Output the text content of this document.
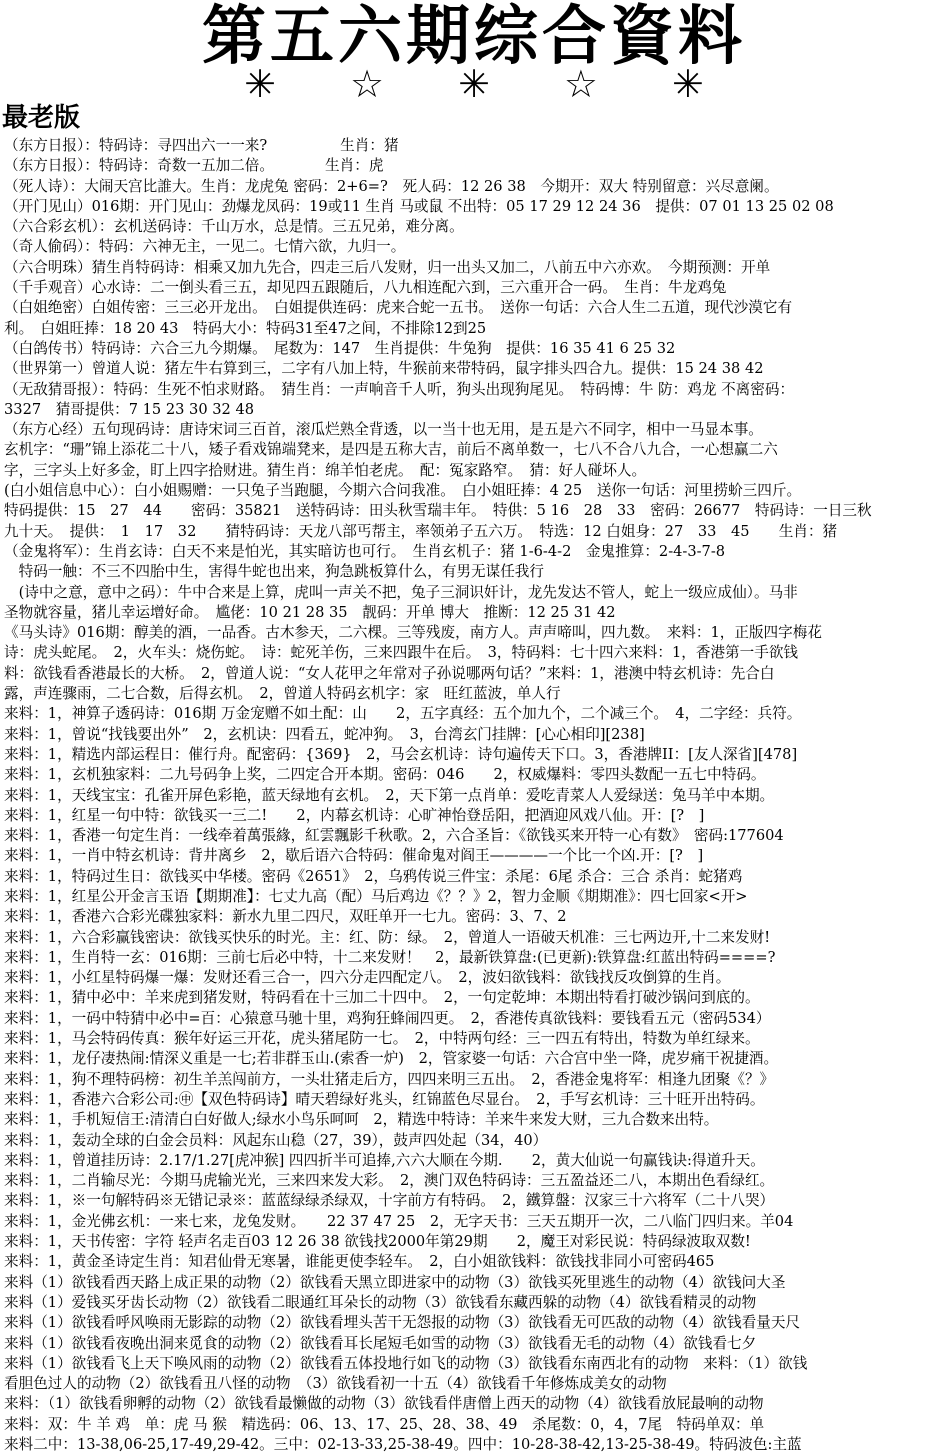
第五六期综合資料
✳ ☆ ✳ ☆ ✳
最老版
（东方日报）：特码诗：寻四出六一一来?　　　　　生肖：猪
（东方日报）：特码诗：奇数一五加二倍。　　　　生肖：虎
（死人诗）：大闹天宫比誰大。生肖：龙虎兔 密码：2+6=?　死人码：12 26 38　今期开：双大 特别留意：兴尽意阑。
（开门见山）016期：开门见山：劲爆龙凤码：19或11 生肖 马或鼠 不出特：05 17 29 12 24 36　提供：07 01 13 25 02 08
（六合彩玄机）：玄机送码诗：千山万水，总是情。三五兄弟，难分离。
（奇人偷码）：特码：六神无主，一见二。七情六欲，九归一。
（六合明珠）猜生肖特码诗：相乘又加九先合，四走三后八发财，归一出头又加二，八前五中六亦欢。　今期预测：开单
（千手观音）心水诗：二一倒头看三五，却见四五跟随后，八九相连配六到，三六重开合一码。　生肖：牛龙鸡兔
（白姐绝密）白姐传密：三三必开龙出。　白姐提供连码：虎来合蛇一五书。　送你一句话：六合人生二五道，现代沙漠它有
利。　白姐旺捧：18 20 43　特码大小：特码31至47之间，不排除12到25
（白鸽传书）特码诗：六合三九今期爆。　尾数为：147　生肖提供：牛兔狗　提供：16 35 41 6 25 32
（世界第一）曾道人说：猪左牛右算到三，二字有八加上特，牛猴前来带特码，鼠字排头四合九。提供：15 24 38 42
（无敌猜哥报）：特码：生死不怕求财路。　猜生肖：一声响音千人听，狗头出现狗尾见。　特码博：牛 防：鸡龙 不离密码：
3327　猜哥提供：7 15 23 30 32 48
（东方心经）五句现码诗：唐诗宋词三百首，滚瓜烂熟全背透，以一当十也无用，是五是六不同字，相中一马显本事。
玄机字：“珊”锦上添花二十八，矮子看戏锦端凳来，是四是五称大吉，前后不离单数一，七八不合八九合，一心想赢二六
字，三字头上好多金，盯上四字拾财进。猜生肖：绵羊怕老虎。　配：冤家路窄。　猜：好人碰坏人。
(白小姐信息中心）：白小姐赐赠：一只兔子当跑腿，今期六合问我准。　白小姐旺捧：4 25　送你一句话：河里捞蚧三四斤。
特码提供：15　27　44　　密码：35821　送特码诗：田头秋雪瑞丰年。　特供：5 16　28　33　密码：26677　特码诗：一日三秋
九十天。　提供：　1　17　32　　猜特码诗：天龙八部丐帮主，率领弟子五六万。　特选：12 白姐身：27　33　45　　生肖：猪
（金鬼将军）：生肖玄诗：白天不来是怕光，其实暗访也可行。　生肖玄机子：猪 1-6-4-2　金鬼推算：2-4-3-7-8
　特码一触：不三不四胎中生，害得牛蛇也出来，狗急跳板算什么，有男无谋任我行
　(诗中之意，意中之码）：牛中合来是上算，虎叫一声关不把，兔子三洞识奸计，龙先发达不管人，蛇上一级应成仙）。马非
圣物就容量，猪儿幸运增好命。　尴佬：10 21 28 35　靓码：开单 博大　推断：12 25 31 42
《马头诗》016期：醇美的酒，一品香。古木参天，二六棵。三等残废，南方人。声声啼叫，四九数。　来料：1，正版四字梅花
诗：虎头蛇尾。　2，火车头：烧伤蛇。　诗：蛇死羊伤，三来四跟牛在后。　3，特码料：七十四六来料：1，香港第一手欲钱
料：欲钱看香港最长的大桥。　2，曾道人说：“女人花甲之年常对子孙说哪两句话？”来料：1，港澳中特玄机诗：先合白
露，声连骤雨，二七合数，后得玄机。　2，曾道人特码玄机字：家　旺红蓝波，单人行
来料：1，神算子透码诗：016期 万金宠赠不如土配：山　　2，五字真经：五个加九个，二个减三个。　4，二字经：兵符。
来料：1，曾说“找钱要出外”　2，玄机诀：四看五，蛇冲狗。　3，台湾玄门挂牌：[心心相印][238]
来料：1，精选内部运程日：催行舟。配密码：{369}　2，马会玄机诗：诗句遍传天下口。3，香港牌II：[友人深省][478]
来料：1，玄机独家料：二九号码争上奖，二四定合开本期。密码：046　　2，权威爆料：零四头数配一五七中特码。
来料：1，天线宝宝：孔雀开屏色彩艳，蓝天绿地有玄机。　2，天下第一点肖单：爱吃青菜人人爱绿送：兔马羊中本期。
来料：1，红星一句中特：欲钱买一三二!　　2，内幕玄机诗：心旷神怡登岳阳，把酒迎风戏八仙。开：[?　]
来料：1，香港一句定生肖：一线牵着萬張緣，紅雲飄影千秋歌。2，六合圣旨：《欲钱买来开特一心有数》　密码:177604
来料：1，一肖中特玄机诗：背井离乡　2，歇后语六合特码：催命鬼对阎王————一个比一个凶.开：[?　]
来料：1，特码过生日：欲钱买中华楼。密码《2651》　2，乌鸦传说三件宝：杀尾：6尾 杀合：三合 杀肖：蛇猪鸡
来料：1，红星公开金言玉语【期期准】：七丈九高（配）马后鸡边《？？》2，智力金顺《期期准》：四七回家<开>
来料：1，香港六合彩光碟独家料：新水九里二四尺，双旺单开一七九。密码：3、7、2
来料：1，六合彩赢钱密诀：欲钱买快乐的时光。主：红、防：绿。　2，曾道人一语破天机准：三七两边开,十二来发财!
来料：1，生肖特一玄：016期：三前七后必中特，十二来发财！　2，最新铁算盘:(已更新):铁算盘:红蓝出特码====?
来料：1，小红星特码爆一爆：发财还看三合一，四六分走四配定八。　2，波妇欲钱料：欲钱找反攻倒算的生肖。
来料：1，猜中必中：羊来虎到猪发财，特码看在十三加二十四中。　2，一句定乾坤：本期出特看打破沙锅问到底的。
来料：1，一码中特猜中必中=百：心猿意马驰十里，鸡狗狂蜂闹四更。　2，香港传真欲钱料：要钱看五元（密码534）
来料：1，马会特码传真：猴年好运三开花，虎头猪尾防一七。　2，中特两句经：三一四五有特出，特数为单红绿来。
来料：1，龙仔凄热闹:情深义重是一七;若非群玉山.(索香一炉)　2，管家婆一句话：六合宫中坐一降，虎岁痛干祝捷酒。
来料：1，狗不理特码榜：初生羊羔闯前方，一头壮猪走后方，四四来明三五出。　2，香港金鬼将军：相逢九团聚《？》
来料：1，香港六合彩公司:㊥【双色特码诗】晴天碧绿好兆头，红锦蓝色尽显台。　2，手写玄机诗：三十旺开出特码。
来料：1，手机短信王:清清白白好做人;绿水小鸟乐呵呵　2，精选中特诗：羊来牛来发大财，三九合数来出特。
来料：1，轰动全球的白金会员料：风起东山稳（27，39），鼓声四处起（34，40）
来料：1，曾道挂历诗：2.17/1.27[虎冲猴] 四四折半可追捧,六六大顺在今期.　　2，黄大仙说一句赢钱诀:得道升天。
来料：1，二肖输尽光：今期马虎输光光，三来四来发大彩。　2，澳门双色特码诗：三五盈益还二八，本期出色看绿红。
来料：1，※一句解特码※无错记录※：蓝蓝绿绿杀绿双，十字前方有特码。　2，鐵算盤：汉家三十六将军（二十八哭）
来料：1，金光佛玄机：一来七来，龙兔发财。　　22 37 47 25　2，无字天书：三天五期开一次，二八临门四归来。羊04
来料：1，天书传密：字符 轻声名走百03 12 26 38 欲钱找2000年第29期　　2，魔王对彩民说：特码绿波取双数!
来料：1，黄金圣诗定生肖：知君仙骨无寒暑，谁能更使李轻车。　2，白小姐欲钱料：欲钱找非同小可密码465
来料（1）欲钱看西天路上成正果的动物（2）欲钱看天黑立即进家中的动物（3）欲钱买死里逃生的动物（4）欲钱问大圣
来料（1）爱钱买牙齿长动物（2）欲钱看二眼通红耳朵长的动物（3）欲钱看东藏西躲的动物（4）欲钱看精灵的动物
来料（1）欲钱看呼风唤雨无影踪的动物（2）欲钱看埋头苦干无怨报的动物（3）欲钱看无可匹敌的动物（4）欲钱看量天尺
来料（1）欲钱看夜晚出洞来觅食的动物（2）欲钱看耳长尾短毛如雪的动物（3）欲钱看无毛的动物（4）欲钱看七夕
来料（1）欲钱看飞上天下唤风雨的动物（2）欲钱看五体投地行如飞的动物（3）欲钱看东南西北有的动物　来料：（1）欲钱
看胆色过人的动物（2）欲钱看丑八怪的动物　（3）欲钱看初一十五（4）欲钱看千年修炼成美女的动物
来料：（1）欲钱看卵孵的动物（2）欲钱看最懒做的动物（3）欲钱看伴唐僧上西天的动物（4）欲钱看放屁最响的动物
来料：双：牛 羊 鸡　单：虎 马 猴　精选码：06、13、17、25、28、38、49　杀尾数：0，4，7尾　特码单双：单
来料二中：13-38,06-25,17-49,29-42。三中：02-13-33,25-38-49。四中：10-28-38-42,13-25-38-49。特码波色:主蓝
